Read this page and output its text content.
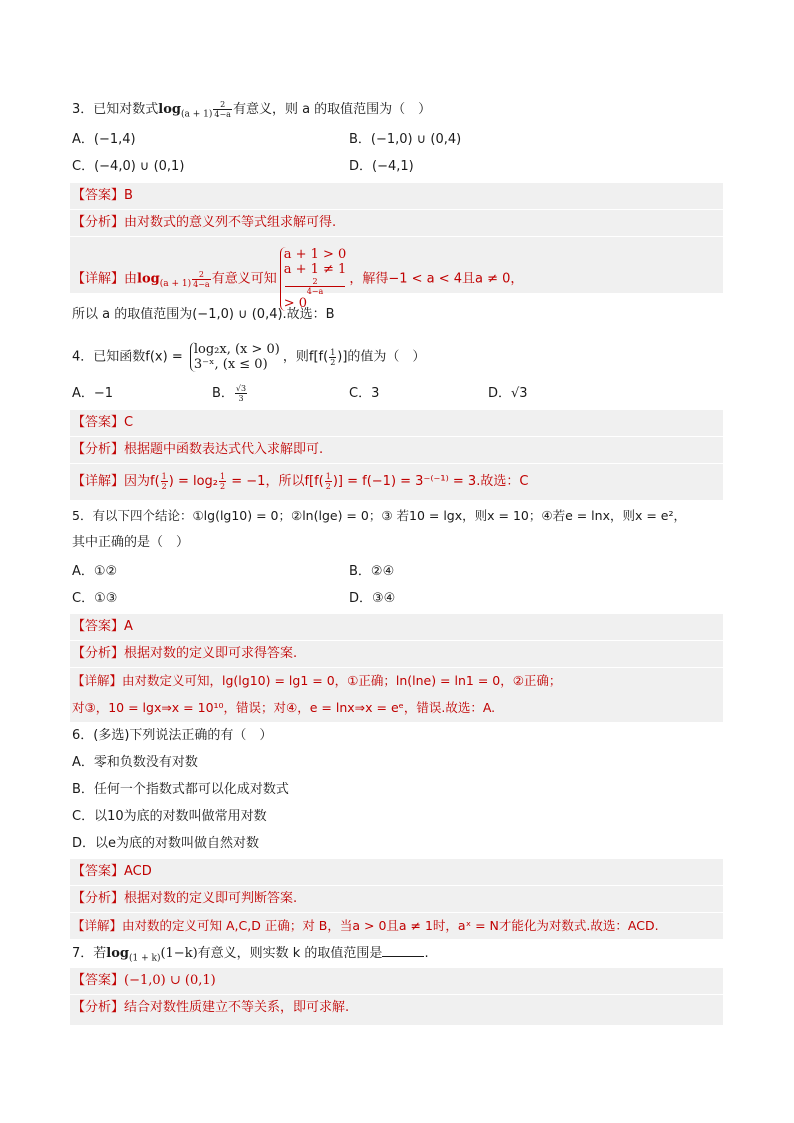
3．已知对数式$\log_{(a + 1)} \frac{2}{4-a}$ 有意义，则 a 的取值范围为（　）
A．(−1,4)	B．(−1,0) ∪ (0,4)
C．(−4,0) ∪ (0,1)	D．(−4,1)
【答案】B
【分析】由对数式的意义列不等式组求解可得.
【详解】由$\log_{(a + 1)} \frac{2}{4-a}$ 有意义可知
a + 1 > 0
a + 1 ≠ 1
2
4−a
> 0
，解得−1 < a < 4且a ≠ 0，
所以 a 的取值范围为(−1,0) ∪ (0,4).故选：B
4．已知函数f(x) = log₂x, (x > 0)
3⁻ˣ, (x ≤ 0)	，则$f[f( \frac{1}{2}$ )]的值为（　）
A．−1	B． $\frac{√3}{3}$	C．3	D．√3
【答案】C
【分析】根据题中函数表达式代入求解即可.
【详解】因为$f( \frac{1}{2}$ ) = $\log_2 \frac{1}{2} = -1$，所以$f[f( \frac{1}{2}$ )] = f(−1) = 3⁻⁽⁻¹⁾ = 3.故选：C
5．有以下四个结论：①lg(lg10) = 0；②ln(lge) = 0；③ 若10 = lgx，则x = 10；④若e = lnx，则x = e²，
其中正确的是（　）
A．①②	B．②④
C．①③	D．③④
【答案】A
【分析】根据对数的定义即可求得答案.
【详解】由对数定义可知，lg(lg10) = lg1 = 0，①正确；ln(lne) = ln1 = 0，②正确；
对③，10 = lgx⇒x = 10¹⁰，错误；对④，e = lnx⇒x = eᵉ，错误.故选：A.
6．(多选)下列说法正确的有（　）
A．零和负数没有对数
B．任何一个指数式都可以化成对数式
C．以10为底的对数叫做常用对数
D．以e为底的对数叫做自然对数
【答案】ACD
【分析】根据对数的定义即可判断答案.
【详解】由对数的定义可知 A,C,D 正确；对 B，当a > 0且a ≠ 1时，aˣ = N才能化为对数式.故选：ACD.
7．若$\log_{(1 + k)}(1-k)$有意义，则实数 k 的取值范围是	.
【答案】(−1,0) ∪ (0,1)
【分析】结合对数性质建立不等关系，即可求解.
